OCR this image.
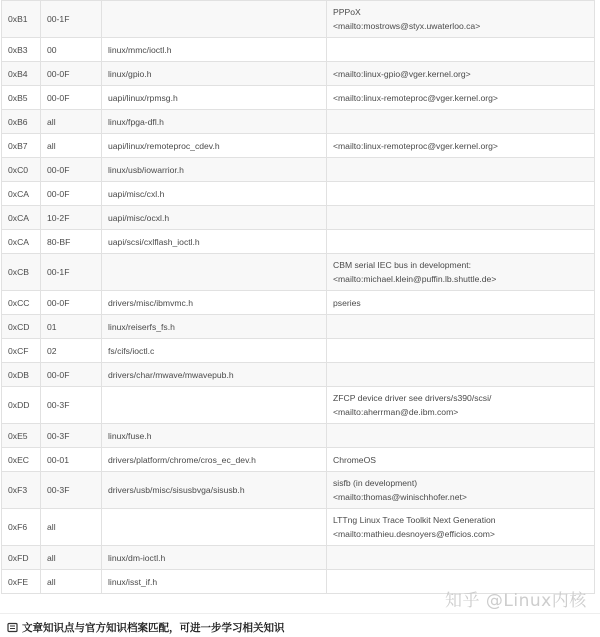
0xB1	00-1F		PPPoX
<mailto:mostrows@styx.uwaterloo.ca>

0xB3	00	linux/mmc/ioctl.h	
0xB4	00-0F	linux/gpio.h	<mailto:linux-gpio@vger.kernel.org>

0xB5	00-0F	uapi/linux/rpmsg.h	<mailto:linux-remoteproc@vger.kernel.org>

0xB6	all	linux/fpga-dfl.h	
0xB7	all	uapi/linux/remoteproc_cdev.h	<mailto:linux-remoteproc@vger.kernel.org>

0xC0	00-0F	linux/usb/iowarrior.h	
0xCA	00-0F	uapi/misc/cxl.h	
0xCA	10-2F	uapi/misc/ocxl.h	
0xCA	80-BF	uapi/scsi/cxlflash_ioctl.h	
0xCB	00-1F		CBM serial IEC bus in development:
<mailto:michael.klein@puffin.lb.shuttle.de>

0xCC	00-0F	drivers/misc/ibmvmc.h	pseries

0xCD	01	linux/reiserfs_fs.h	
0xCF	02	fs/cifs/ioctl.c	
0xDB	00-0F	drivers/char/mwave/mwavepub.h	
0xDD	00-3F		ZFCP device driver see drivers/s390/scsi/
<mailto:aherrman@de.ibm.com>

0xE5	00-3F	linux/fuse.h	
0xEC	00-01	drivers/platform/chrome/cros_ec_dev.h	ChromeOS

0xF3	00-3F	drivers/usb/misc/sisusbvga/sisusb.h	sisfb (in development)
<mailto:thomas@winischhofer.net>

0xF6	all		LTTng Linux Trace Toolkit Next Generation
<mailto:mathieu.desnoyers@efficios.com>

0xFD	all	linux/dm-ioctl.h	
0xFE	all	linux/isst_if.h	
知乎 @Linux内核
文章知识点与官方知识档案匹配，可进一步学习相关知识
